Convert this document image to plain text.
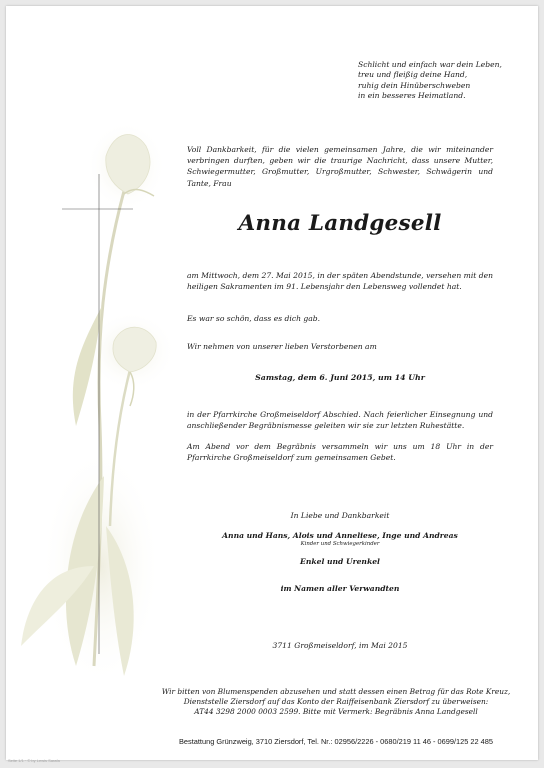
Schlicht und einfach war dein Leben,
treu und fleißig deine Hand,
ruhig dein Hinüberschweben
in ein besseres Heimatland.
Voll Dankbarkeit, für die vielen gemeinsamen Jahre, die wir miteinander verbringen durften, geben wir die traurige Nachricht, dass unsere Mutter, Schwiegermutter, Großmutter, Urgroßmutter, Schwester, Schwägerin und Tante, Frau
Anna Landgesell
am Mittwoch, dem 27. Mai 2015, in der späten Abendstunde, versehen mit den heiligen Sakramenten im 91. Lebensjahr den Lebensweg vollendet hat.
Es war so schön, dass es dich gab.
Wir nehmen von unserer lieben Verstorbenen am
Samstag, dem 6. Juni 2015, um 14 Uhr
in der Pfarrkirche Großmeiseldorf Abschied. Nach feierlicher Einsegnung und anschließender Begräbnismesse geleiten wir sie zur letzten Ruhestätte.
Am Abend vor dem Begräbnis versammeln wir uns um 18 Uhr in der Pfarrkirche Großmeiseldorf zum gemeinsamen Gebet.
In Liebe und Dankbarkeit
Anna und Hans, Alois und Anneliese, Inge und Andreas
Kinder und Schwiegerkinder
Enkel und Urenkel
im Namen aller Verwandten
3711 Großmeiseldorf, im Mai 2015
Wir bitten von Blumenspenden abzusehen und statt dessen einen Betrag für das Rote Kreuz,
Dienststelle Ziersdorf auf das Konto der Raiffeisenbank Ziersdorf zu überweisen:
AT44 3298 2000 0003 2599. Bitte mit Vermerk: Begräbnis Anna Landgesell
Bestattung Grünzweig, 3710 Ziersdorf, Tel. Nr.: 02956/2226 - 0680/219 11 46 - 0699/125 22 485
Seite 1/1 · © by Lewis Sarafa
